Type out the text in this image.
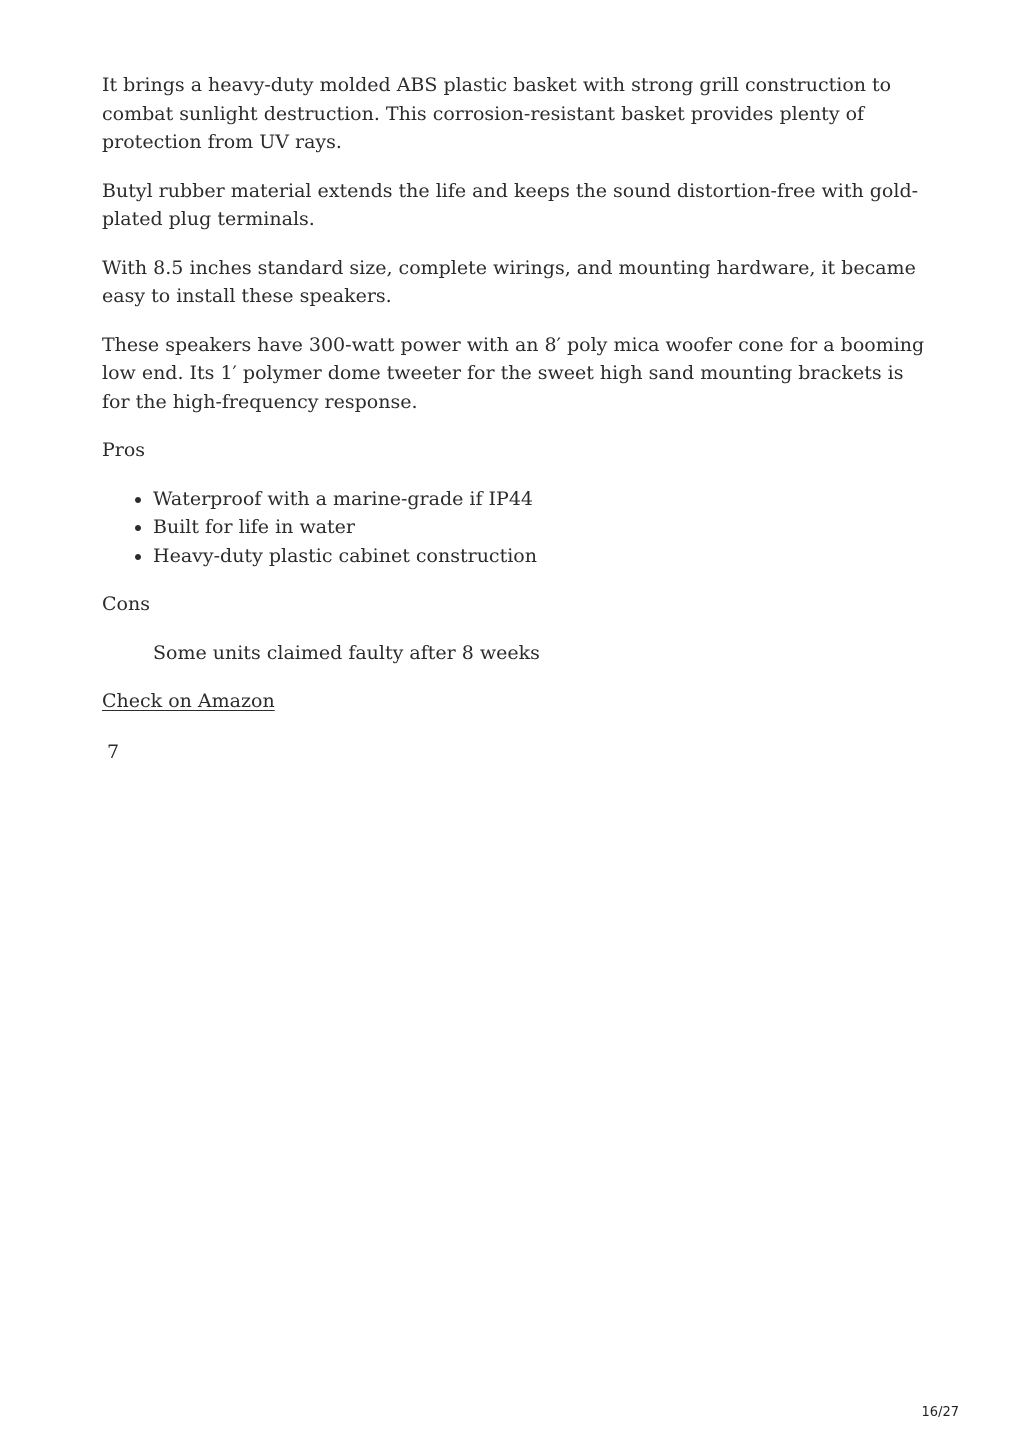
It brings a heavy-duty molded ABS plastic basket with strong grill construction to combat sunlight destruction. This corrosion-resistant basket provides plenty of protection from UV rays.

Butyl rubber material extends the life and keeps the sound distortion-free with gold-plated plug terminals.

With 8.5 inches standard size, complete wirings, and mounting hardware, it became easy to install these speakers.

These speakers have 300-watt power with an 8′ poly mica woofer cone for a booming low end. Its 1′ polymer dome tweeter for the sweet high sand mounting brackets is for the high-frequency response.

Pros

• Waterproof with a marine-grade if IP44
• Built for life in water
• Heavy-duty plastic cabinet construction

Cons

Some units claimed faulty after 8 weeks

Check on Amazon
7
16/27
